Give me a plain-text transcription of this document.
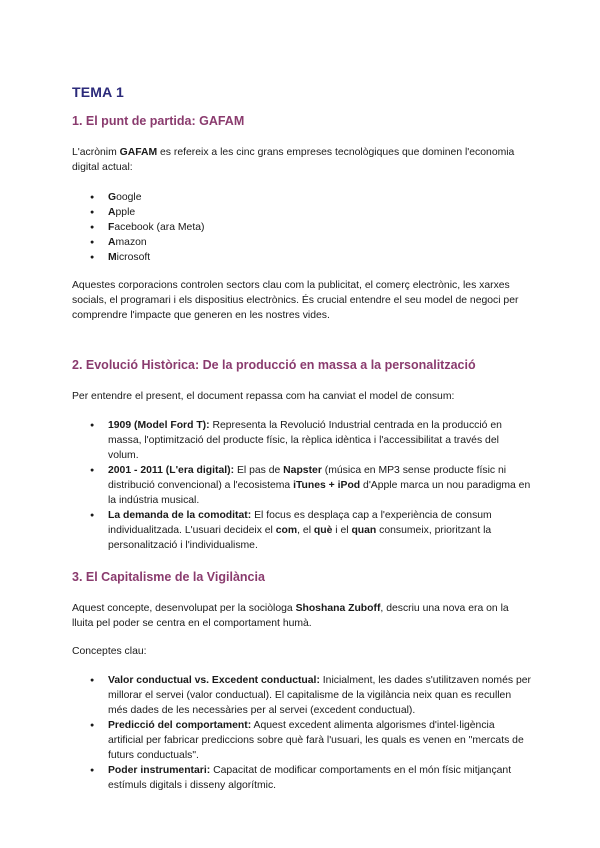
TEMA 1
1. El punt de partida: GAFAM

L'acrònim GAFAM es refereix a les cinc grans empreses tecnològiques que dominen l'economia digital actual:

● Google
● Apple
● Facebook (ara Meta)
● Amazon
● Microsoft

Aquestes corporacions controlen sectors clau com la publicitat, el comerç electrònic, les xarxes socials, el programari i els dispositius electrònics. És crucial entendre el seu model de negoci per comprendre l'impacte que generen en les nostres vides.

2. Evolució Històrica: De la producció en massa a la personalització

Per entendre el present, el document repassa com ha canviat el model de consum:

● 1909 (Model Ford T): Representa la Revolució Industrial centrada en la producció en massa, l'optimització del producte físic, la rèplica idèntica i l'accessibilitat a través del volum.
● 2001 - 2011 (L'era digital): El pas de Napster (música en MP3 sense producte físic ni distribució convencional) a l'ecosistema iTunes + iPod d'Apple marca un nou paradigma en la indústria musical.
● La demanda de la comoditat: El focus es desplaça cap a l'experiència de consum individualitzada. L'usuari decideix el com, el què i el quan consumeix, prioritzant la personalització i l'individualisme.
3. El Capitalisme de la Vigilància

Aquest concepte, desenvolupat per la sociòloga Shoshana Zuboff, descriu una nova era on la lluita pel poder se centra en el comportament humà.

Conceptes clau:

● Valor conductual vs. Excedent conductual: Inicialment, les dades s'utilitzaven només per millorar el servei (valor conductual). El capitalisme de la vigilància neix quan es recullen més dades de les necessàries per al servei (excedent conductual).
● Predicció del comportament: Aquest excedent alimenta algorismes d'intel·ligència artificial per fabricar prediccions sobre què farà l'usuari, les quals es venen en "mercats de futurs conductuals".
● Poder instrumentari: Capacitat de modificar comportaments en el món físic mitjançant estímuls digitals i disseny algorítmic.
